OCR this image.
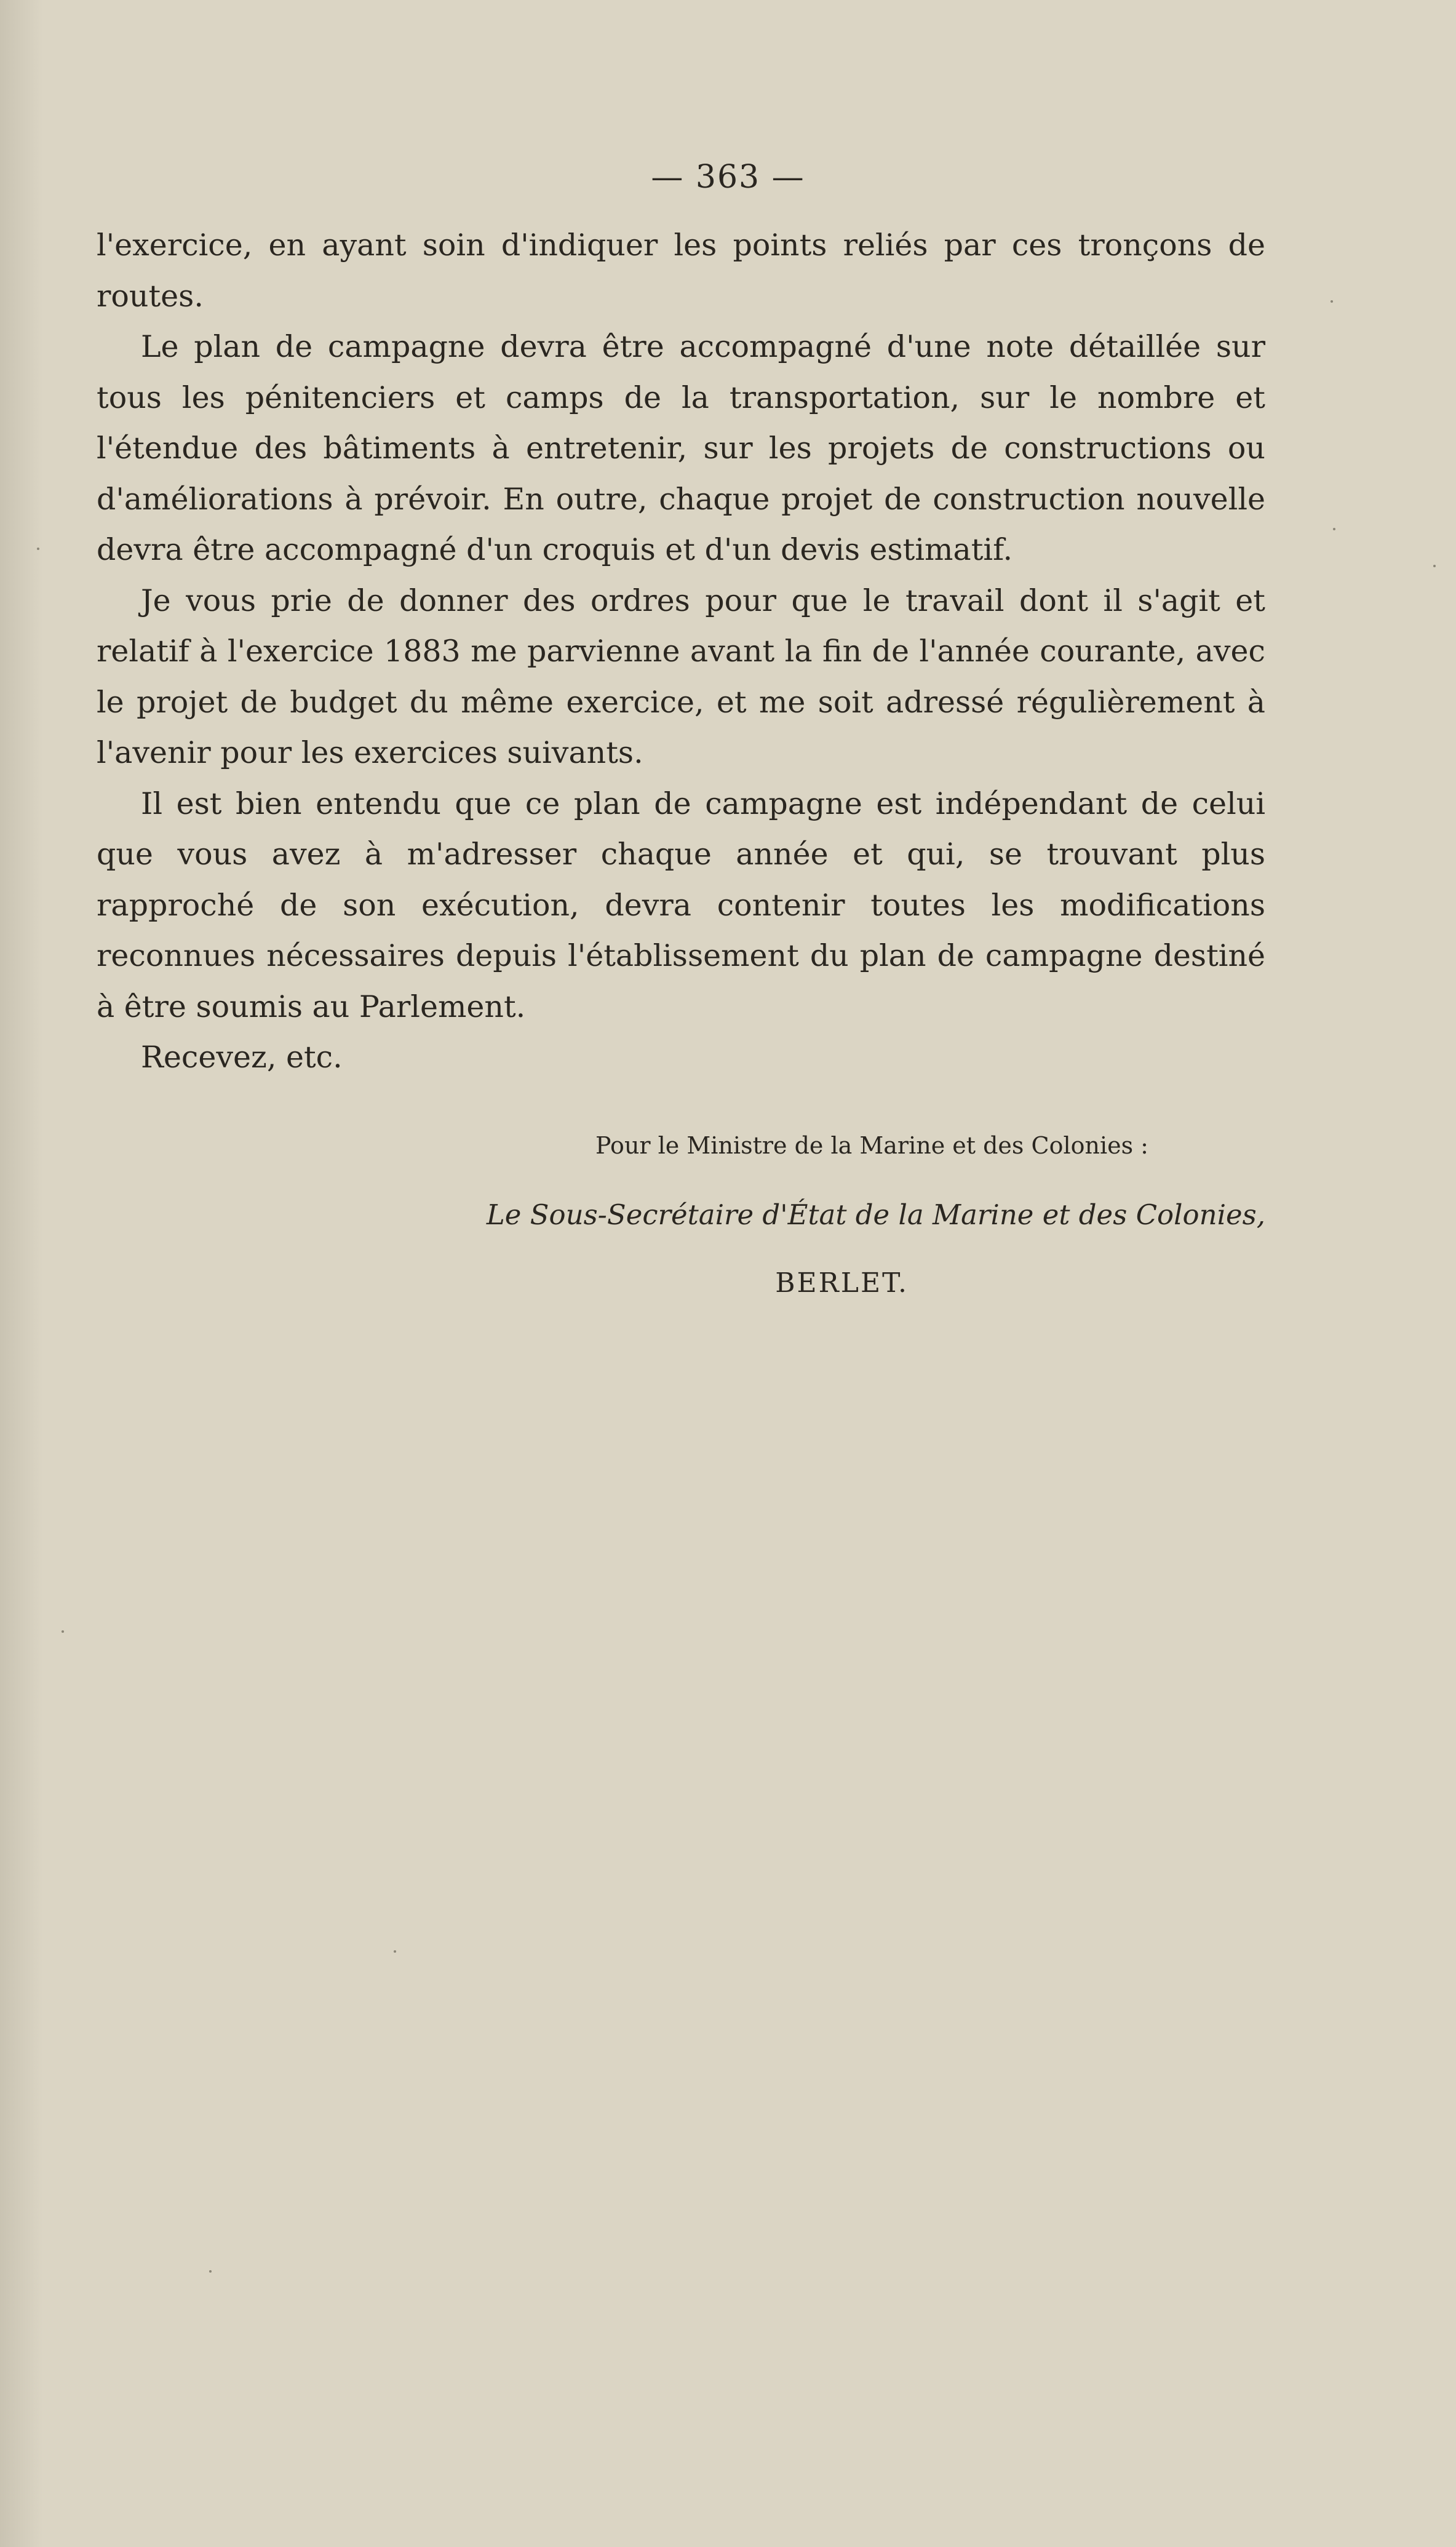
— 363 —

l'exercice, en ayant soin d'indiquer les points reliés par ces tronçons de routes.

Le plan de campagne devra être accompagné d'une note détaillée sur tous les pénitenciers et camps de la transportation, sur le nombre et l'étendue des bâtiments à entretenir, sur les projets de constructions ou d'améliorations à prévoir. En outre, chaque projet de construction nouvelle devra être accompagné d'un croquis et d'un devis estimatif.

Je vous prie de donner des ordres pour que le travail dont il s'agit et relatif à l'exercice 1883 me parvienne avant la fin de l'année courante, avec le projet de budget du même exercice, et me soit adressé régulièrement à l'avenir pour les exercices suivants.

Il est bien entendu que ce plan de campagne est indépendant de celui que vous avez à m'adresser chaque année et qui, se trouvant plus rapproché de son exécution, devra contenir toutes les modifications reconnues nécessaires depuis l'établissement du plan de campagne destiné à être soumis au Parlement.

Recevez, etc.

Pour le Ministre de la Marine et des Colonies :
Le Sous-Secrétaire d'État de la Marine et des Colonies,
BERLET.
